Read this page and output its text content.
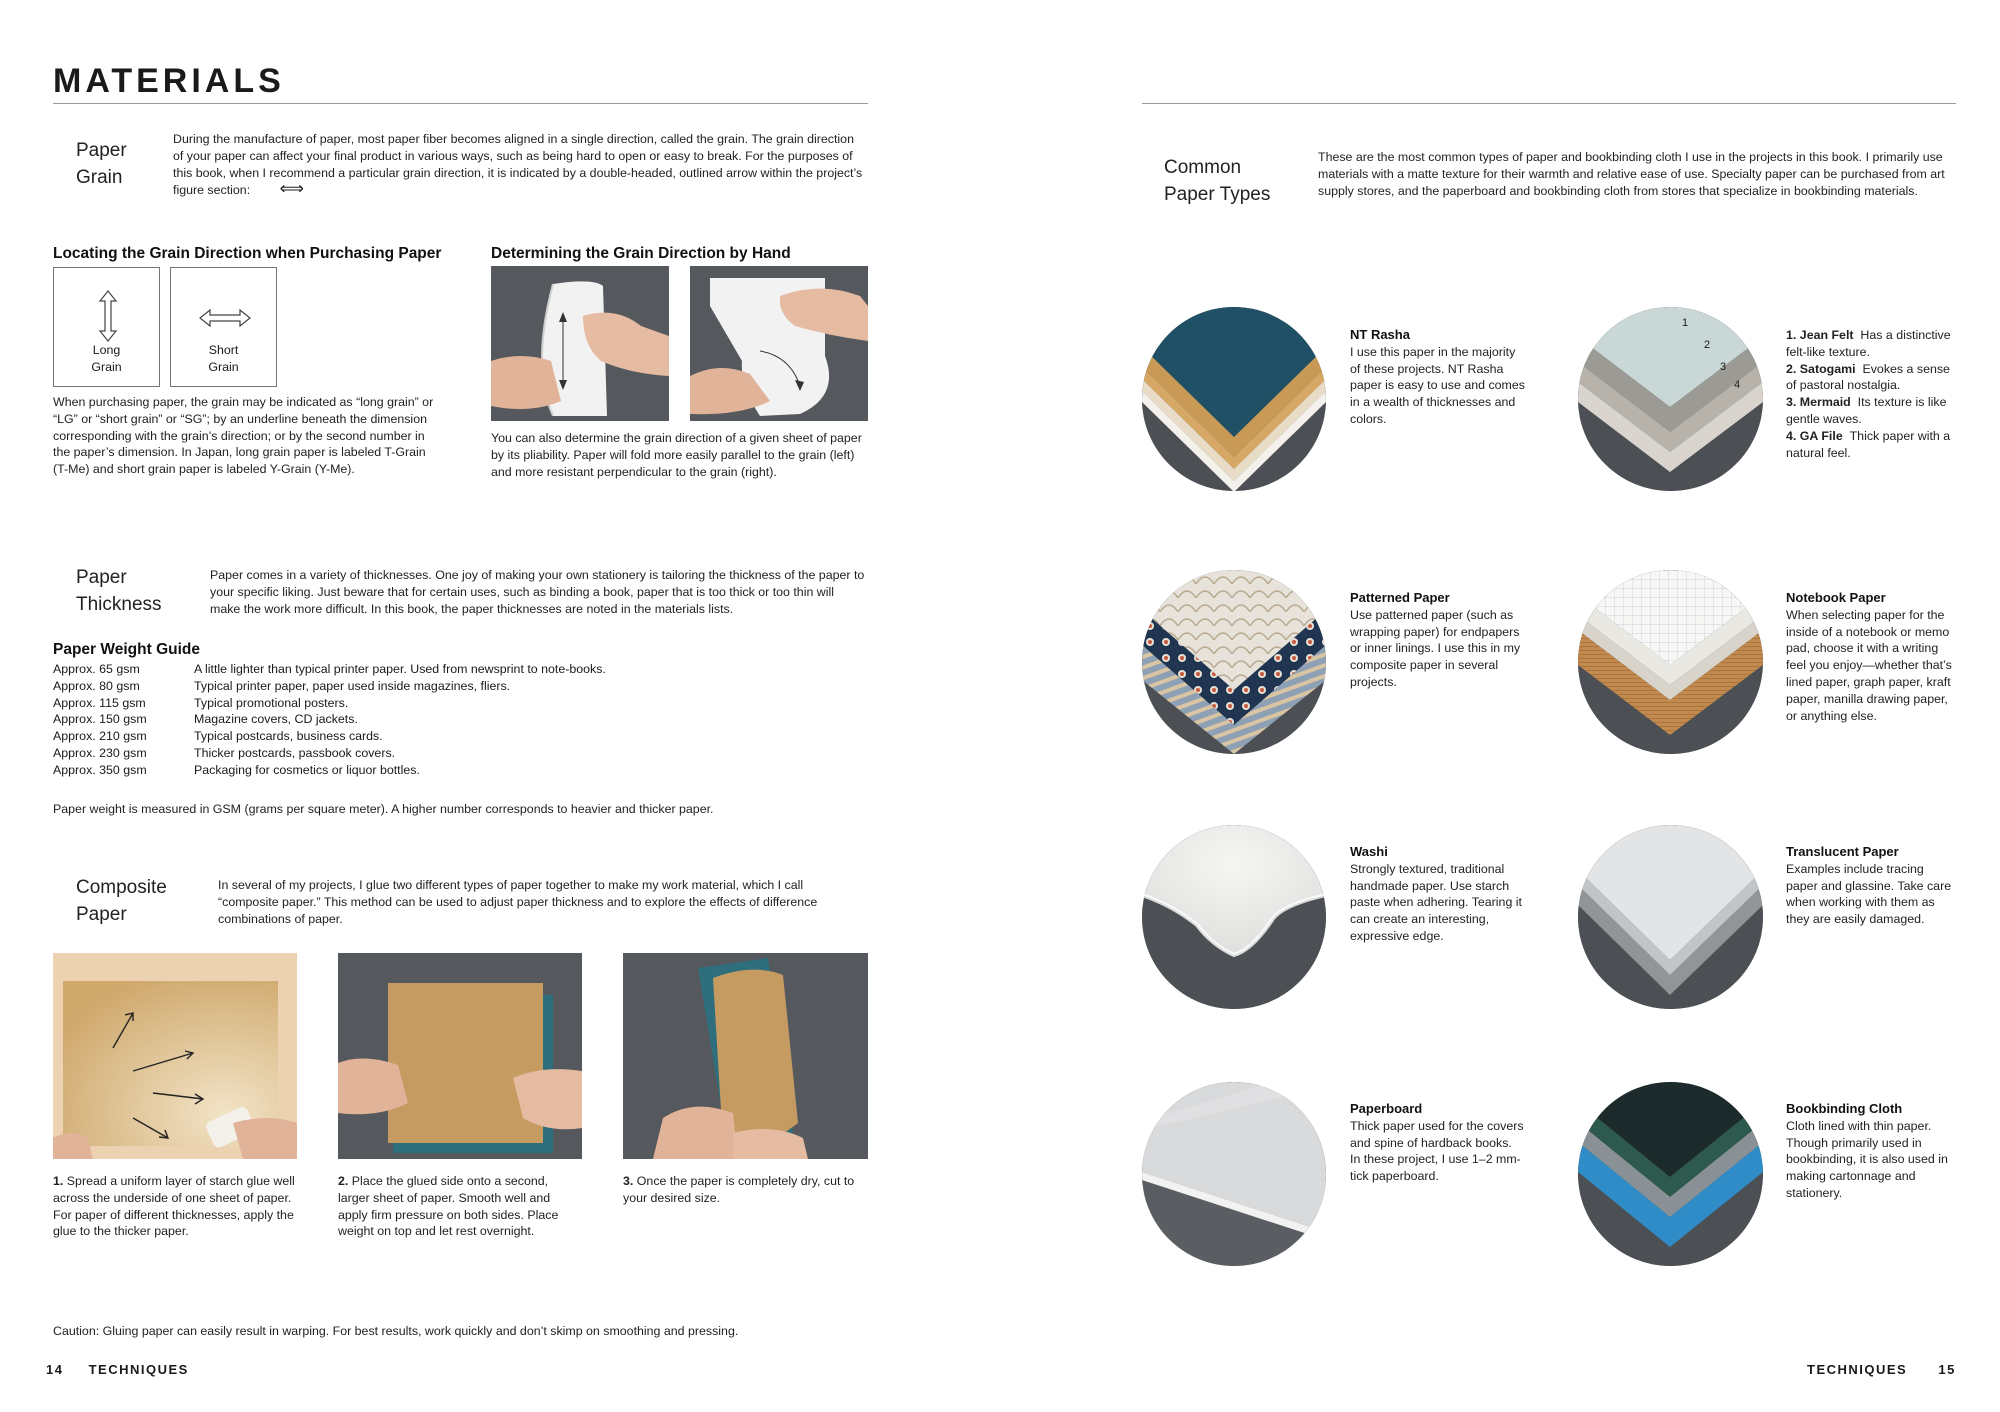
MATERIALS
Paper
Grain
During the manufacture of paper, most paper fiber becomes aligned in a single direction, called the grain. The grain direction of your paper can affect your final product in various ways, such as being hard to open or easy to break. For the purposes of this book, when I recommend a particular grain direction, it is indicated by a double-headed, outlined arrow within the project’s figure section: ⟺
Locating the Grain Direction when Purchasing Paper	Determining the Grain Direction by Hand
Long
Grain
Short
Grain
When purchasing paper, the grain may be indicated as “long grain” or “LG” or “short grain” or “SG”; by an underline beneath the dimension corresponding with the grain’s direction; or by the second number in the paper’s dimension. In Japan, long grain paper is labeled T-Grain (T-Me) and short grain paper is labeled Y-Grain (Y-Me).
You can also determine the grain direction of a given sheet of paper by its pliability. Paper will fold more easily parallel to the grain (left) and more resistant perpendicular to the grain (right).
Paper
Thickness
Paper comes in a variety of thicknesses. One joy of making your own stationery is tailoring the thickness of the paper to your specific liking. Just beware that for certain uses, such as binding a book, paper that is too thick or too thin will make the work more difficult. In this book, the paper thicknesses are noted in the materials lists.
Paper Weight Guide
Approx. 65 gsm	A little lighter than typical printer paper. Used from newsprint to note-books.
Approx. 80 gsm	Typical printer paper, paper used inside magazines, fliers.
Approx. 115 gsm	Typical promotional posters.
Approx. 150 gsm	Magazine covers, CD jackets.
Approx. 210 gsm	Typical postcards, business cards.
Approx. 230 gsm	Thicker postcards, passbook covers.
Approx. 350 gsm	Packaging for cosmetics or liquor bottles.
Paper weight is measured in GSM (grams per square meter). A higher number corresponds to heavier and thicker paper.
Composite
Paper
In several of my projects, I glue two different types of paper together to make my work material, which I call “composite paper.” This method can be used to adjust paper thickness and to explore the effects of difference combinations of paper.
1. Spread a uniform layer of starch glue well across the underside of one sheet of paper. For paper of different thicknesses, apply the glue to the thicker paper.
2. Place the glued side onto a second, larger sheet of paper. Smooth well and apply firm pressure on both sides. Place weight on top and let rest overnight.
3. Once the paper is completely dry, cut to your desired size.
Caution: Gluing paper can easily result in warping. For best results, work quickly and don’t skimp on smoothing and pressing.
14 TECHNIQUES
Common
Paper Types
These are the most common types of paper and bookbinding cloth I use in the projects in this book. I primarily use materials with a matte texture for their warmth and relative ease of use. Specialty paper can be purchased from art supply stores, and the paperboard and bookbinding cloth from stores that specialize in bookbinding materials.
NT Rasha
I use this paper in the majority of these projects. NT Rasha paper is easy to use and comes in a wealth of thicknesses and colors.
1
2
3
4
1. Jean Felt Has a distinctive felt-like texture.
2. Satogami Evokes a sense of pastoral nostalgia.
3. Mermaid Its texture is like gentle waves.
4. GA File Thick paper with a natural feel.
Patterned Paper
Use patterned paper (such as wrapping paper) for endpapers or inner linings. I use this in my composite paper in several projects.
Notebook Paper
When selecting paper for the inside of a notebook or memo pad, choose it with a writing feel you enjoy—whether that’s lined paper, graph paper, kraft paper, manilla drawing paper, or anything else.
Washi
Strongly textured, traditional handmade paper. Use starch paste when adhering. Tearing it can create an interesting, expressive edge.
Translucent Paper
Examples include tracing paper and glassine. Take care when working with them as they are easily damaged.
Paperboard
Thick paper used for the covers and spine of hardback books. In these project, I use 1–2 mm-tick paperboard.
Bookbinding Cloth
Cloth lined with thin paper. Though primarily used in bookbinding, it is also used in making cartonnage and stationery.
TECHNIQUES 15
